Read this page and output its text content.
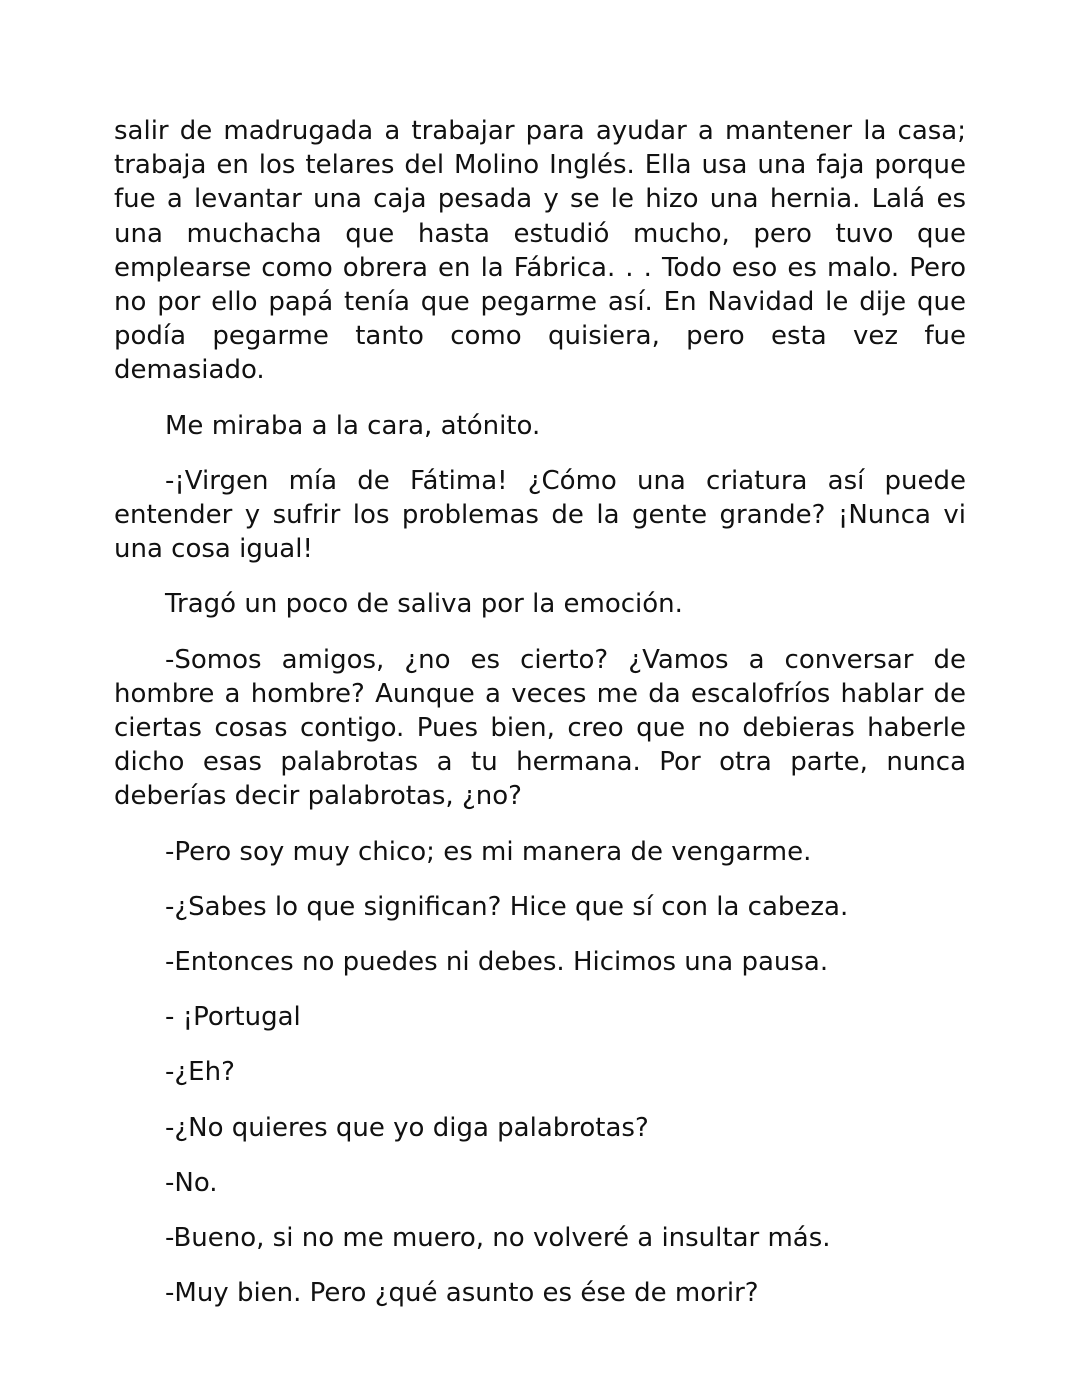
salir de madrugada a trabajar para ayudar a mantener la casa; trabaja en los telares del Molino Inglés. Ella usa una faja porque fue a levantar una caja pesada y se le hizo una hernia. Lalá es una muchacha que hasta estudió mucho, pero tuvo que emplearse como obrera en la Fábrica. . . Todo eso es malo. Pero no por ello papá tenía que pegarme así. En Navidad le dije que podía pegarme tanto como quisiera, pero esta vez fue demasiado.

Me miraba a la cara, atónito.

-¡Virgen mía de Fátima! ¿Cómo una criatura así puede entender y sufrir los problemas de la gente grande? ¡Nunca vi una cosa igual!

Tragó un poco de saliva por la emoción.

-Somos amigos, ¿no es cierto? ¿Vamos a conversar de hombre a hombre? Aunque a veces me da escalofríos hablar de ciertas cosas contigo. Pues bien, creo que no debieras haberle dicho esas palabrotas a tu hermana. Por otra parte, nunca deberías decir palabrotas, ¿no?

-Pero soy muy chico; es mi manera de vengarme.

-¿Sabes lo que significan? Hice que sí con la cabeza.

-Entonces no puedes ni debes. Hicimos una pausa.

- ¡Portugal

-¿Eh?

-¿No quieres que yo diga palabrotas?

-No.

-Bueno, si no me muero, no volveré a insultar más.

-Muy bien. Pero ¿qué asunto es ése de morir?
